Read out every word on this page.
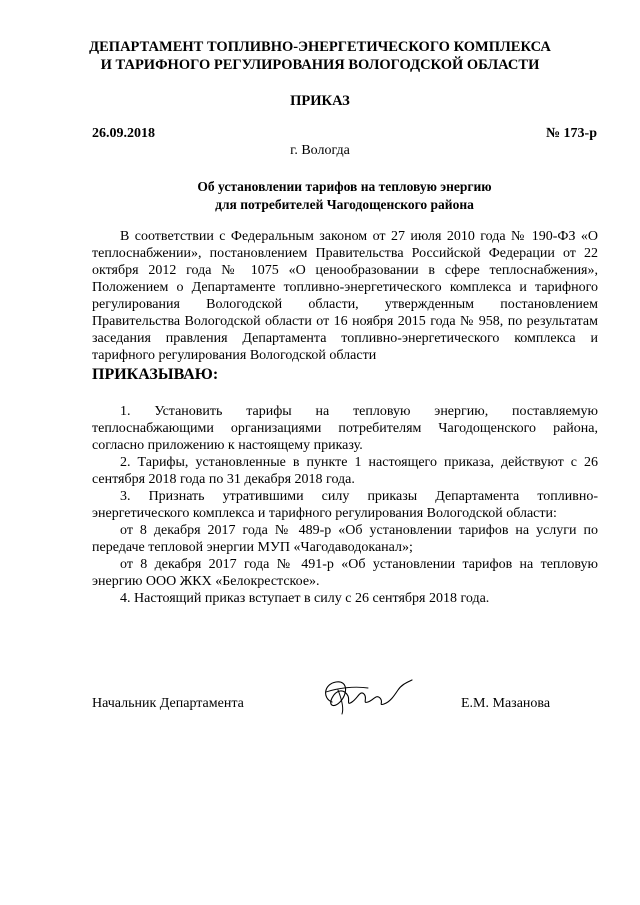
ДЕПАРТАМЕНТ ТОПЛИВНО-ЭНЕРГЕТИЧЕСКОГО КОМПЛЕКСА
И ТАРИФНОГО РЕГУЛИРОВАНИЯ ВОЛОГОДСКОЙ ОБЛАСТИ
ПРИКАЗ
26.09.2018	№ 173-р
г. Вологда
Об установлении тарифов на тепловую энергию
для потребителей Чагодощенского района
В соответствии с Федеральным законом от 27 июля 2010 года № 190-ФЗ «О теплоснабжении», постановлением Правительства Российской Федерации от 22 октября 2012 года № 1075 «О ценообразовании в сфере теплоснабжения», Положением о Департаменте топливно-энергетического комплекса и тарифного регулирования Вологодской области, утвержденным постановлением Правительства Вологодской области от 16 ноября 2015 года № 958, по результатам заседания правления Департамента топливно-энергетического комплекса и тарифного регулирования Вологодской области
ПРИКАЗЫВАЮ:

1. Установить тарифы на тепловую энергию, поставляемую теплоснабжающими организациями потребителям Чагодощенского района, согласно приложению к настоящему приказу.

2. Тарифы, установленные в пункте 1 настоящего приказа, действуют с 26 сентября 2018 года по 31 декабря 2018 года.

3. Признать утратившими силу приказы Департамента топливно-энергетического комплекса и тарифного регулирования Вологодской области:

от 8 декабря 2017 года № 489-р «Об установлении тарифов на услуги по передаче тепловой энергии МУП «Чагодаводоканал»;

от 8 декабря 2017 года № 491-р «Об установлении тарифов на тепловую энергию ООО ЖКХ «Белокрестское».

4. Настоящий приказ вступает в силу с 26 сентября 2018 года.

Начальник Департамента	Е.М. Мазанова
